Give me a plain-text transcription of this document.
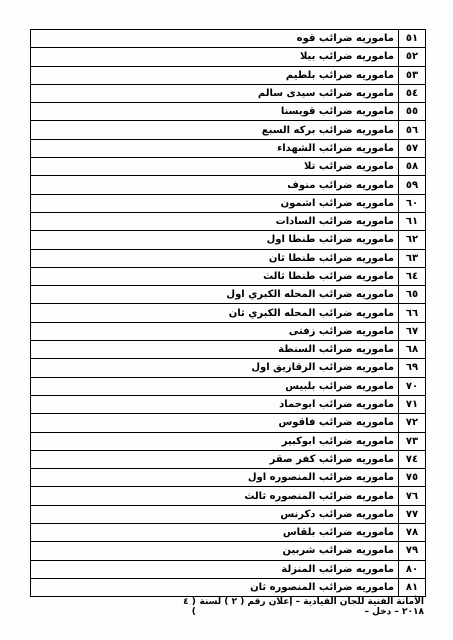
٥١
ماموريه ضرائب قوه
٥٢
ماموريه ضرائب بيلا
٥٣
ماموريه ضرائب بلطيم
٥٤
ماموريه ضرائب سيدى سالم
٥٥
ماموريه ضرائب قويسنا
٥٦
ماموريه ضرائب بركه السبع
٥٧
ماموريه ضرائب الشهداء
٥٨
ماموريه ضرائب تلا
٥٩
ماموريه ضرائب منوف
٦٠
ماموريه ضرائب اشمون
٦١
ماموريه ضرائب السادات
٦٢
ماموريه ضرائب طنطا اول
٦٣
ماموريه ضرائب طنطا ثان
٦٤
ماموريه ضرائب طنطا ثالث
٦٥
ماموريه ضرائب المحله الكبري اول
٦٦
ماموريه ضرائب المحله الكبري ثان
٦٧
ماموريه ضرائب زفتى
٦٨
ماموريه ضرائب السنطة
٦٩
ماموريه ضرائب الزقازيق اول
٧٠
ماموريه ضرائب بلبيس
٧١
ماموريه ضرائب ابوحماد
٧٢
ماموريه ضرائب فاقوس
٧٣
ماموريه ضرائب ابوكبير
٧٤
ماموريه ضرائب كفر صقر
٧٥
ماموريه ضرائب المنصوره اول
٧٦
ماموريه ضرائب المنصوره ثالث
٧٧
ماموريه ضرائب دكرنس
٧٨
ماموريه ضرائب بلقاس
٧٩
ماموريه ضرائب شربين
٨٠
ماموريه ضرائب المنزلة
٨١
ماموريه ضرائب المنصوره ثان
الأمانة الفنية للجان القيادية – إعلان رقم ( ٢ ) لسنة ٢٠١٨ – دخل –
( ٤ )
